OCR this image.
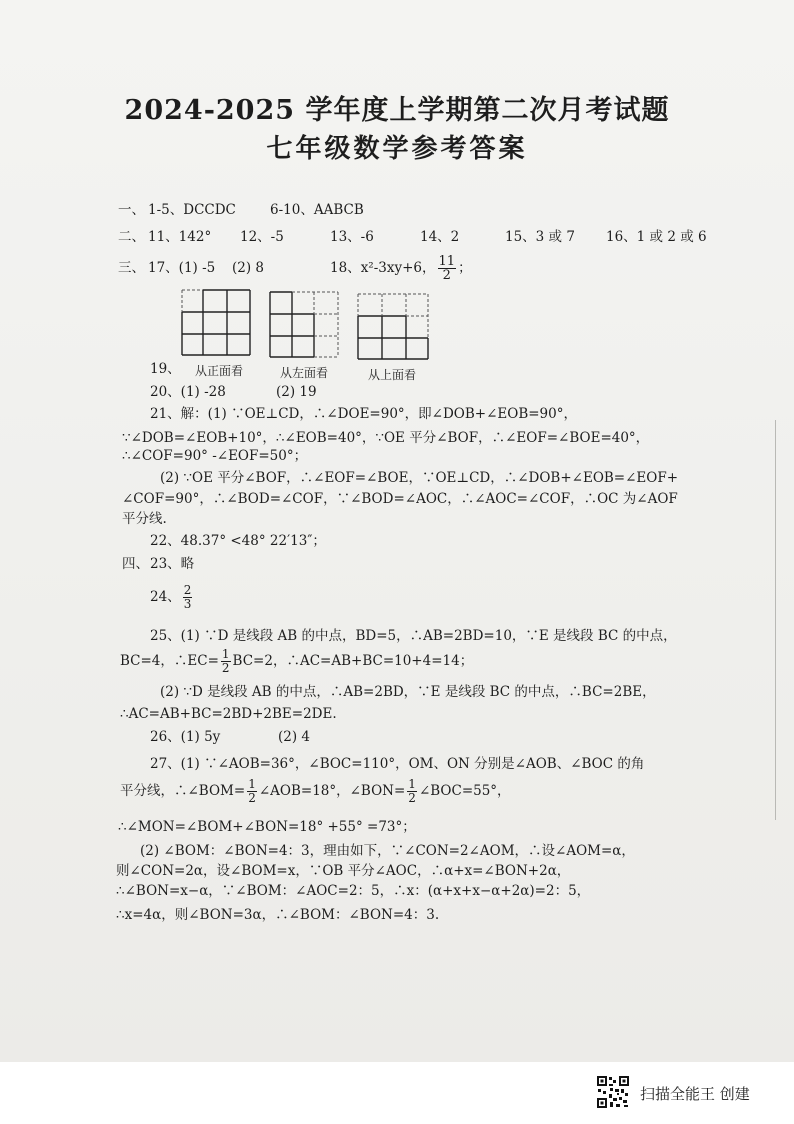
2024-2025 学年度上学期第二次月考试题
七年级数学参考答案
一、 1-5、DCCDC	6-10、AABCB
二、 11、142° 12、-5	13、-6	14、2	15、3 或 7 16、1 或 2 或 6
三、 17、(1) -5 (2) 8	18、x²-3xy+6， $\frac{11}{2}$ ；
19、 从正面看	从左面看	从上面看
20、(1) -28	(2) 19
21、解：(1) ∵OE⊥CD，∴∠DOE=90°，即∠DOB+∠EOB=90°，
∵∠DOB=∠EOB+10°，∴∠EOB=40°，∵OE 平分∠BOF，∴∠EOF=∠BOE=40°，
∴∠COF=90° -∠EOF=50°；
(2) ∵OE 平分∠BOF，∴∠EOF=∠BOE，∵OE⊥CD，∴∠DOB+∠EOB=∠EOF+
∠COF=90°，∴∠BOD=∠COF，∵∠BOD=∠AOC，∴∠AOC=∠COF，∴OC 为∠AOF
平分线.
22、48.37° <48° 22′13″；
四、 23、略
24、 $\frac{2}{3}$
25、(1) ∵D 是线段 AB 的中点，BD=5，∴AB=2BD=10，∵E 是线段 BC 的中点，
BC=4，∴EC= $\frac{1}{2} BC=2$，∴AC=AB+BC=10+4=14；
(2) ∵D 是线段 AB 的中点，∴AB=2BD，∵E 是线段 BC 的中点，∴BC=2BE，
∴AC=AB+BC=2BD+2BE=2DE.
26、(1) 5y	(2) 4
27、(1) ∵∠AOB=36°，∠BOC=110°，OM、ON 分别是∠AOB、∠BOC 的角
平分线，∴∠BOM= $\frac{1}{2}$ ∠AOB=18°，∠BON= $\frac{1}{2}$ ∠BOC=55°，
∴∠MON=∠BOM+∠BON=18° +55° =73°；
(2) ∠BOM：∠BON=4：3，理由如下，∵∠CON=2∠AOM，∴设∠AOM=α，
则∠CON=2α，设∠BOM=x，∵OB 平分∠AOC，∴α+x=∠BON+2α，
∴∠BON=x−α，∵∠BOM：∠AOC=2：5，∴x：(α+x+x−α+2α)=2：5，
∴x=4α，则∠BON=3α，∴∠BOM：∠BON=4：3.
扫描全能王 创建
